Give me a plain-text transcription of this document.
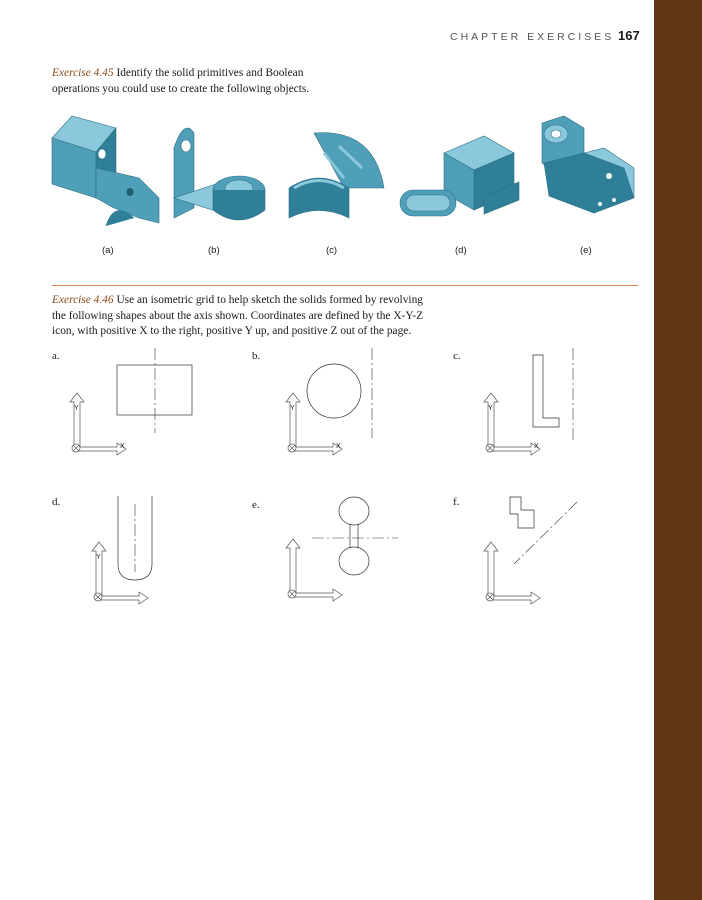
CHAPTER EXERCISES 167
Exercise 4.45 Identify the solid primitives and Boolean
operations you could use to create the following objects.
(a)	(b)	(c)	(d)	(e)
Exercise 4.46 Use an isometric grid to help sketch the solids formed by revolving
the following shapes about the axis shown. Coordinates are defined by the X-Y-Z
icon, with positive X to the right, positive Y up, and positive Z out of the page.
a.	b.	c.
d.	e.	f.
Y
X
Y
X
Y
X
Y
